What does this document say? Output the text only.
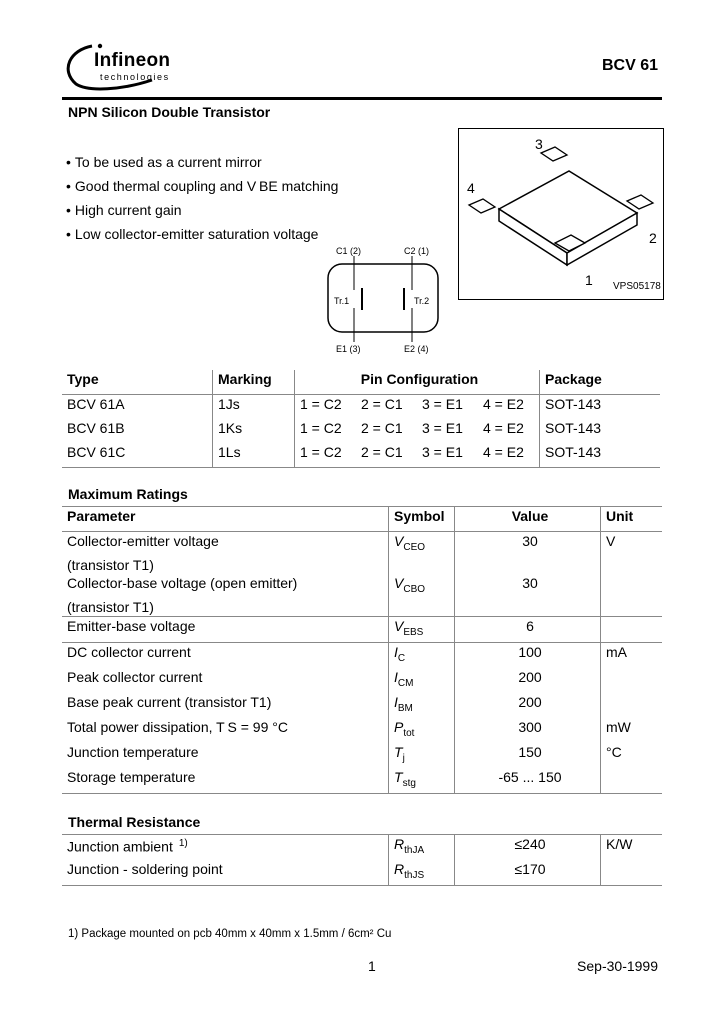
Infineon
technologies
BCV 61
NPN Silicon Double Transistor
• To be used as a current mirror
• Good thermal coupling and V BE matching
• High current gain
• Low collector-emitter saturation voltage
3
4
2
1 VPS05178
C1 (2)	C2 (1)
Tr.1	Tr.2
E1 (3)	E2 (4)
Type	Marking	Pin Configuration				Package
BCV 61A	1Js	1 = C2	2 = C1	3 = E1	4 = E2	SOT-143
BCV 61B	1Ks	1 = C2	2 = C1	3 = E1	4 = E2	SOT-143
BCV 61C	1Ls	1 = C2	2 = C1	3 = E1	4 = E2	SOT-143
Maximum Ratings
Parameter	Symbol	Value	Unit

Collector-emitter voltage
(transistor T1)	$V_{CEO}$	30	V

Collector-base voltage (open emitter)
(transistor T1)	$V_{CBO}$	30	

Emitter-base voltage	$V_{EBS}$	6	

DC collector current	$I_C$	100	mA

Peak collector current	$I_{CM}$	200	

Base peak current (transistor T1)	$I_{BM}$	200	

Total power dissipation, T S = 99 °C	$P_{tot}$	300	mW

Junction temperature	$T_j$	150	°C

Storage temperature	$T_{stg}$	-65 ... 150	
Thermal Resistance
Junction ambient $^{1)}$	$R_{thJA}$	≤240	K/W

Junction - soldering point	$R_{thJS}$	≤170	
1) Package mounted on pcb 40mm x 40mm x 1.5mm / 6cm² Cu
1	Sep-30-1999
